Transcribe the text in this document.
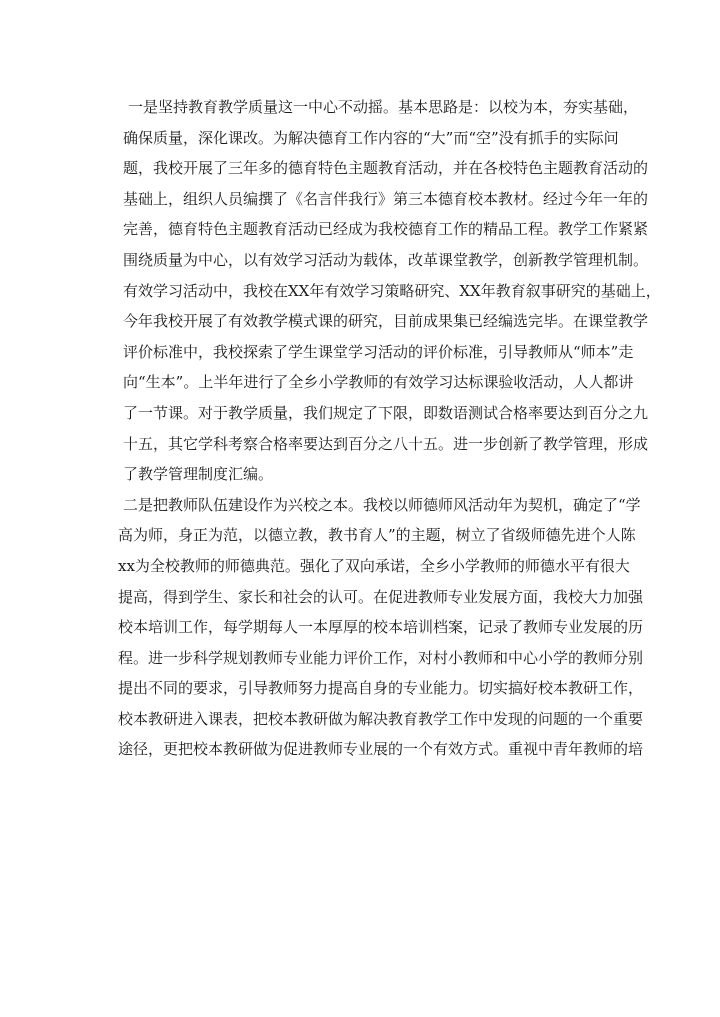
一是坚持教育教学质量这一中心不动摇。基本思路是：以校为本，夯实基础，
确保质量，深化课改。为解决德育工作内容的“大”而“空”没有抓手的实际问
题，我校开展了三年多的德育特色主题教育活动，并在各校特色主题教育活动的
基础上，组织人员编撰了《名言伴我行》第三本德育校本教材。经过今年一年的
完善，德育特色主题教育活动已经成为我校德育工作的精品工程。教学工作紧紧
围绕质量为中心，以有效学习活动为载体，改革课堂教学，创新教学管理机制。
有效学习活动中，我校在XX年有效学习策略研究、XX年教育叙事研究的基础上，
今年我校开展了有效教学模式课的研究，目前成果集已经编选完毕。在课堂教学
评价标准中，我校探索了学生课堂学习活动的评价标准，引导教师从“师本”走
向“生本”。上半年进行了全乡小学教师的有效学习达标课验收活动，人人都讲
了一节课。对于教学质量，我们规定了下限，即数语测试合格率要达到百分之九
十五，其它学科考察合格率要达到百分之八十五。进一步创新了教学管理，形成
了教学管理制度汇编。
二是把教师队伍建设作为兴校之本。我校以师德师风活动年为契机，确定了“学
高为师，身正为范，以德立教，教书育人”的主题，树立了省级师德先进个人陈
xx为全校教师的师德典范。强化了双向承诺，全乡小学教师的师德水平有很大
提高，得到学生、家长和社会的认可。在促进教师专业发展方面，我校大力加强
校本培训工作，每学期每人一本厚厚的校本培训档案，记录了教师专业发展的历
程。进一步科学规划教师专业能力评价工作，对村小教师和中心小学的教师分别
提出不同的要求，引导教师努力提高自身的专业能力。切实搞好校本教研工作，
校本教研进入课表，把校本教研做为解决教育教学工作中发现的问题的一个重要
途径，更把校本教研做为促进教师专业展的一个有效方式。重视中青年教师的培
